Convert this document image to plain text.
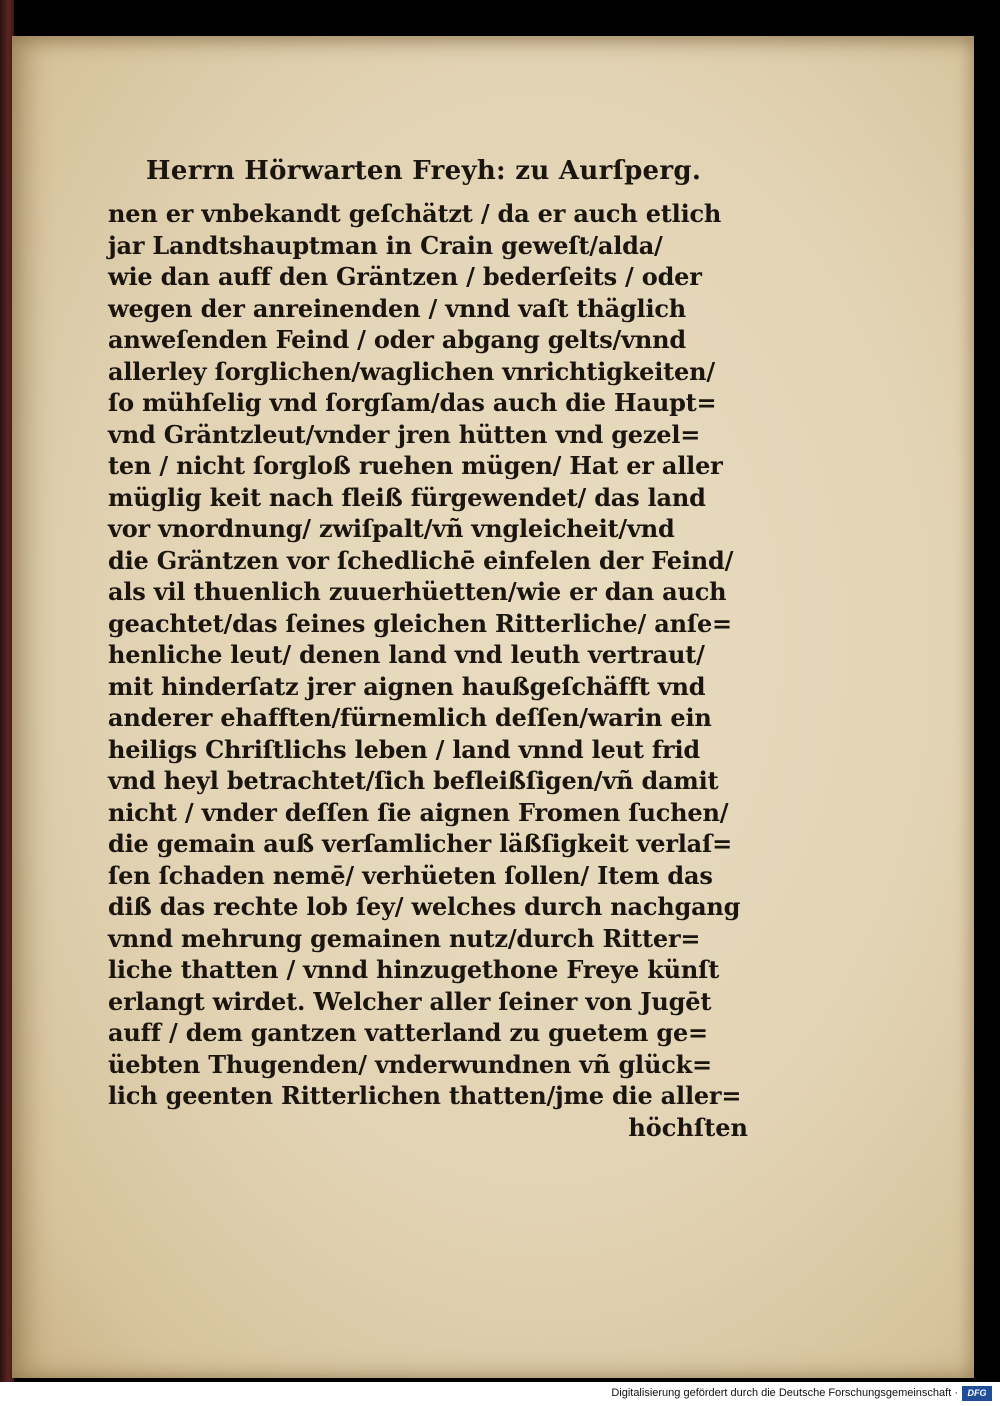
Herrn Hörwarten Freyh: zu Aurſperg.
nen er vnbekandt geſchätzt / da er auch etlich
jar Landtshauptman in Crain geweſt/alda/
wie dan auff den Gräntzen / bederſeits / oder
wegen der anreinenden / vnnd vaſt thäglich
anweſenden Feind / oder abgang gelts/vnnd
allerley ſorglichen/waglichen vnrichtigkeiten/
ſo mühſelig vnd ſorgſam/das auch die Haupt=
vnd Gräntzleut/vnder jren hütten vnd gezel=
ten / nicht ſorgloß ruehen mügen/ Hat er aller
müglig keit nach fleiß fürgewendet/ das land
vor vnordnung/ zwiſpalt/vñ vngleicheit/vnd
die Gräntzen vor ſchedlichē einfelen der Feind/
als vil thuenlich zuuerhüetten/wie er dan auch
geachtet/das ſeines gleichen Ritterliche/ anſe=
henliche leut/ denen land vnd leuth vertraut/
mit hinderſatz jrer aignen haußgeſchäfft vnd
anderer ehafften/fürnemlich deſſen/warin ein
heiligs Chriſtlichs leben / land vnnd leut frid
vnd heyl betrachtet/ſich befleißſigen/vñ damit
nicht / vnder deſſen ſie aignen Fromen ſuchen/
die gemain auß verſamlicher läßſigkeit verlaſ=
ſen ſchaden nemē/ verhüeten ſollen/ Item das
diß das rechte lob ſey/ welches durch nachgang
vnnd mehrung gemainen nutz/durch Ritter=
liche thatten / vnnd hinzugethone Freye künſt
erlangt wirdet. Welcher aller ſeiner von Jugēt
auff / dem gantzen vatterland zu guetem ge=
üebten Thugenden/ vnderwundnen vñ glück=
lich geenten Ritterlichen thatten/jme die aller=
höchſten
Digitalisierung gefördert durch die Deutsche Forschungsgemeinschaft ·	DFG
